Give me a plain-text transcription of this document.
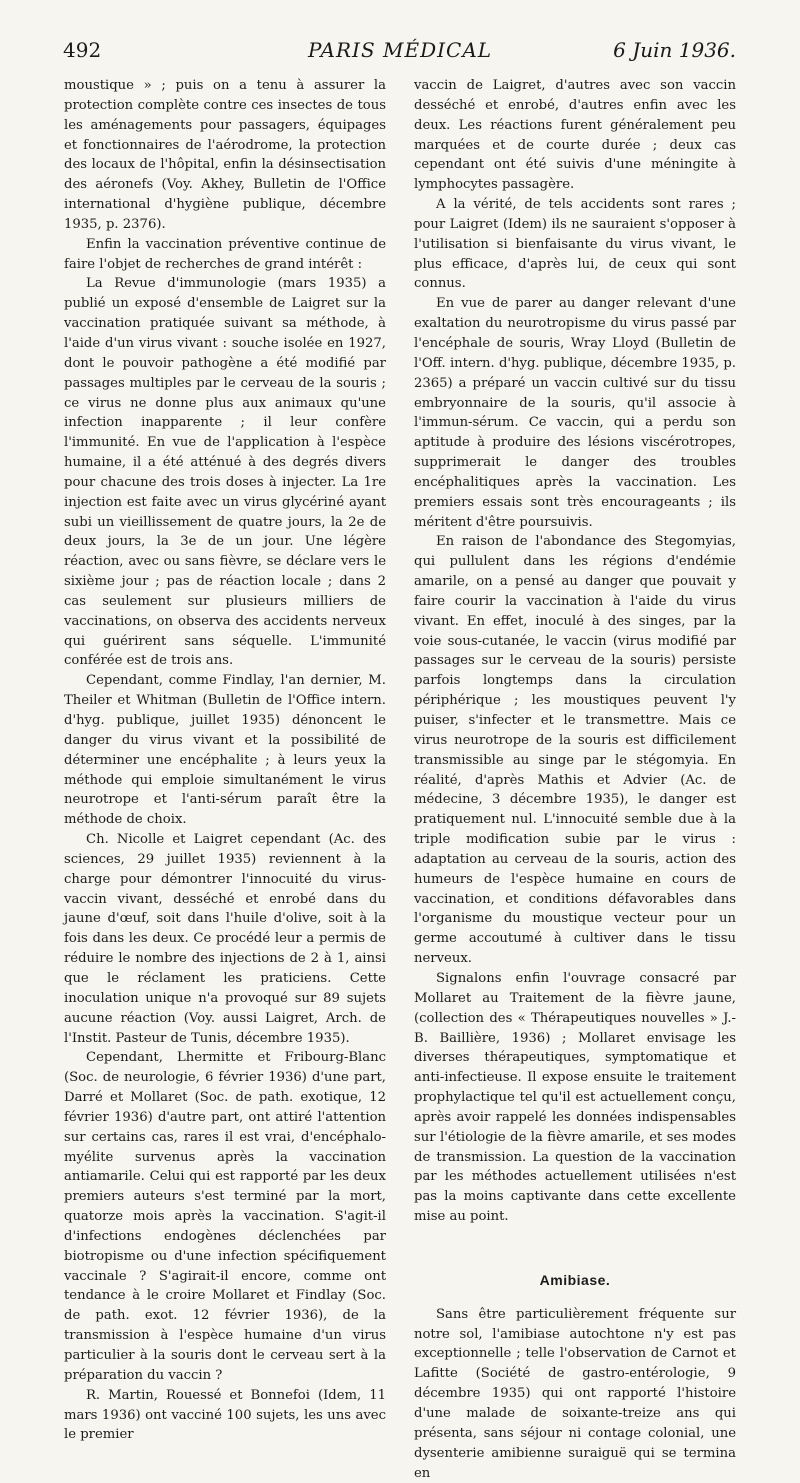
492	PARIS MÉDICAL	6 Juin 1936.

moustique » ; puis on a tenu à assurer la protection complète contre ces insectes de tous les aménagements pour passagers, équipages et fonctionnaires de l'aérodrome, la protection des locaux de l'hôpital, enfin la désinsectisation des aéronefs (Voy. Akhey, Bulletin de l'Office international d'hygiène publique, décembre 1935, p. 2376).

Enfin la vaccination préventive continue de faire l'objet de recherches de grand intérêt :

La Revue d'immunologie (mars 1935) a publié un exposé d'ensemble de Laigret sur la vaccination pratiquée suivant sa méthode, à l'aide d'un virus vivant : souche isolée en 1927, dont le pouvoir pathogène a été modifié par passages multiples par le cerveau de la souris ; ce virus ne donne plus aux animaux qu'une infection inapparente ; il leur confère l'immunité. En vue de l'application à l'espèce humaine, il a été atténué à des degrés divers pour chacune des trois doses à injecter. La 1re injection est faite avec un virus glycériné ayant subi un vieillissement de quatre jours, la 2e de deux jours, la 3e de un jour. Une légère réaction, avec ou sans fièvre, se déclare vers le sixième jour ; pas de réaction locale ; dans 2 cas seulement sur plusieurs milliers de vaccinations, on observa des accidents nerveux qui guérirent sans séquelle. L'immunité conférée est de trois ans.

Cependant, comme Findlay, l'an dernier, M. Theiler et Whitman (Bulletin de l'Office intern. d'hyg. publique, juillet 1935) dénoncent le danger du virus vivant et la possibilité de déterminer une encéphalite ; à leurs yeux la méthode qui emploie simultanément le virus neurotrope et l'anti-sérum paraît être la méthode de choix.

Ch. Nicolle et Laigret cependant (Ac. des sciences, 29 juillet 1935) reviennent à la charge pour démontrer l'innocuité du virus-vaccin vivant, desséché et enrobé dans du jaune d'œuf, soit dans l'huile d'olive, soit à la fois dans les deux. Ce procédé leur a permis de réduire le nombre des injections de 2 à 1, ainsi que le réclament les praticiens. Cette inoculation unique n'a provoqué sur 89 sujets aucune réaction (Voy. aussi Laigret, Arch. de l'Instit. Pasteur de Tunis, décembre 1935).

Cependant, Lhermitte et Fribourg-Blanc (Soc. de neurologie, 6 février 1936) d'une part, Darré et Mollaret (Soc. de path. exotique, 12 février 1936) d'autre part, ont attiré l'attention sur certains cas, rares il est vrai, d'encéphalo-myélite survenus après la vaccination antiamarile. Celui qui est rapporté par les deux premiers auteurs s'est terminé par la mort, quatorze mois après la vaccination. S'agit-il d'infections endogènes déclenchées par biotropisme ou d'une infection spécifiquement vaccinale ? S'agirait-il encore, comme ont tendance à le croire Mollaret et Findlay (Soc. de path. exot. 12 février 1936), de la transmission à l'espèce humaine d'un virus particulier à la souris dont le cerveau sert à la préparation du vaccin ?

R. Martin, Rouessé et Bonnefoi (Idem, 11 mars 1936) ont vacciné 100 sujets, les uns avec le premier

vaccin de Laigret, d'autres avec son vaccin desséché et enrobé, d'autres enfin avec les deux. Les réactions furent généralement peu marquées et de courte durée ; deux cas cependant ont été suivis d'une méningite à lymphocytes passagère.

A la vérité, de tels accidents sont rares ; pour Laigret (Idem) ils ne sauraient s'opposer à l'utilisation si bienfaisante du virus vivant, le plus efficace, d'après lui, de ceux qui sont connus.

En vue de parer au danger relevant d'une exaltation du neurotropisme du virus passé par l'encéphale de souris, Wray Lloyd (Bulletin de l'Off. intern. d'hyg. publique, décembre 1935, p. 2365) a préparé un vaccin cultivé sur du tissu embryonnaire de la souris, qu'il associe à l'immun-sérum. Ce vaccin, qui a perdu son aptitude à produire des lésions viscérotropes, supprimerait le danger des troubles encéphalitiques après la vaccination. Les premiers essais sont très encourageants ; ils méritent d'être poursuivis.

En raison de l'abondance des Stegomyias, qui pullulent dans les régions d'endémie amarile, on a pensé au danger que pouvait y faire courir la vaccination à l'aide du virus vivant. En effet, inoculé à des singes, par la voie sous-cutanée, le vaccin (virus modifié par passages sur le cerveau de la souris) persiste parfois longtemps dans la circulation périphérique ; les moustiques peuvent l'y puiser, s'infecter et le transmettre. Mais ce virus neurotrope de la souris est difficilement transmissible au singe par le stégomyia. En réalité, d'après Mathis et Advier (Ac. de médecine, 3 décembre 1935), le danger est pratiquement nul. L'innocuité semble due à la triple modification subie par le virus : adaptation au cerveau de la souris, action des humeurs de l'espèce humaine en cours de vaccination, et conditions défavorables dans l'organisme du moustique vecteur pour un germe accoutumé à cultiver dans le tissu nerveux.

Signalons enfin l'ouvrage consacré par Mollaret au Traitement de la fièvre jaune, (collection des « Thérapeutiques nouvelles » J.-B. Baillière, 1936) ; Mollaret envisage les diverses thérapeutiques, symptomatique et anti-infectieuse. Il expose ensuite le traitement prophylactique tel qu'il est actuellement conçu, après avoir rappelé les données indispensables sur l'étiologie de la fièvre amarile, et ses modes de transmission. La question de la vaccination par les méthodes actuellement utilisées n'est pas la moins captivante dans cette excellente mise au point.

Amibiase.

Sans être particulièrement fréquente sur notre sol, l'amibiase autochtone n'y est pas exceptionnelle ; telle l'observation de Carnot et Lafitte (Société de gastro-entérologie, 9 décembre 1935) qui ont rapporté l'histoire d'une malade de soixante-treize ans qui présenta, sans séjour ni contage colonial, une dysenterie amibienne suraiguë qui se termina en
